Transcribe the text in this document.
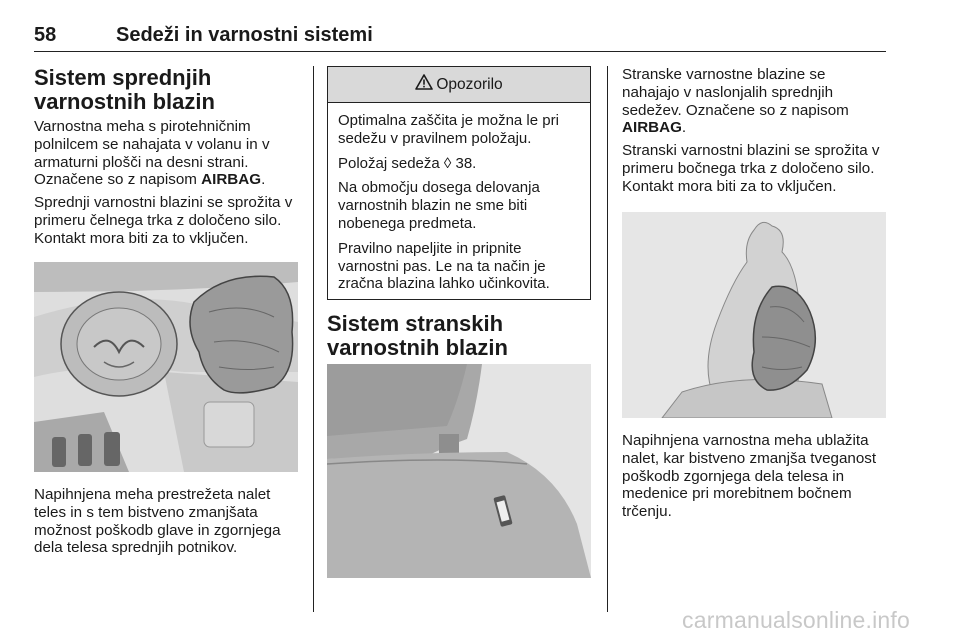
58	Sedeži in varnostni sistemi
Sistem sprednjih varnostnih blazin

Varnostna meha s pirotehničnim polnilcem se nahajata v volanu in v armaturni plošči na desni strani. Označene so z napisom AIRBAG.

Sprednji varnostni blazini se sprožita v primeru čelnega trka z določeno silo. Kontakt mora biti za to vključen.

Napihnjena meha prestrežeta nalet teles in s tem bistveno zmanjšata možnost poškodb glave in zgornjega dela telesa sprednjih potnikov.

Opozorilo

Optimalna zaščita je možna le pri sedežu v pravilnem položaju.

Položaj sedeža ◊ 38.

Na območju dosega delovanja varnostnih blazin ne sme biti nobenega predmeta.

Pravilno napeljite in pripnite varnostni pas. Le na ta način je zračna blazina lahko učinkovita.

Sistem stranskih varnostnih blazin

Stranske varnostne blazine se nahajajo v naslonjalih sprednjih sedežev. Označene so z napisom AIRBAG.

Stranski varnostni blazini se sprožita v primeru bočnega trka z določeno silo. Kontakt mora biti za to vključen.

Napihnjena varnostna meha ublažita nalet, kar bistveno zmanjša tveganost poškodb zgornjega dela telesa in medenice pri morebitnem bočnem trčenju.

carmanualsonline.info
